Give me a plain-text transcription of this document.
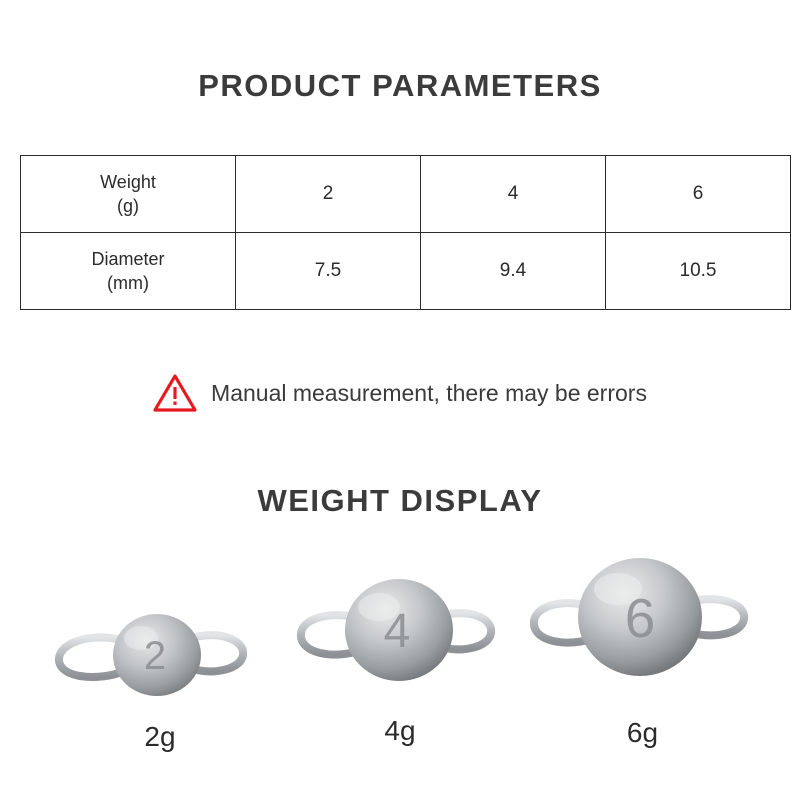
PRODUCT PARAMETERS
Weight
(g)	2	4	6
Diameter
(mm)	7.5	9.4	10.5
Manual measurement, there may be errors
WEIGHT DISPLAY
2
2g
4
4g
6
6g
